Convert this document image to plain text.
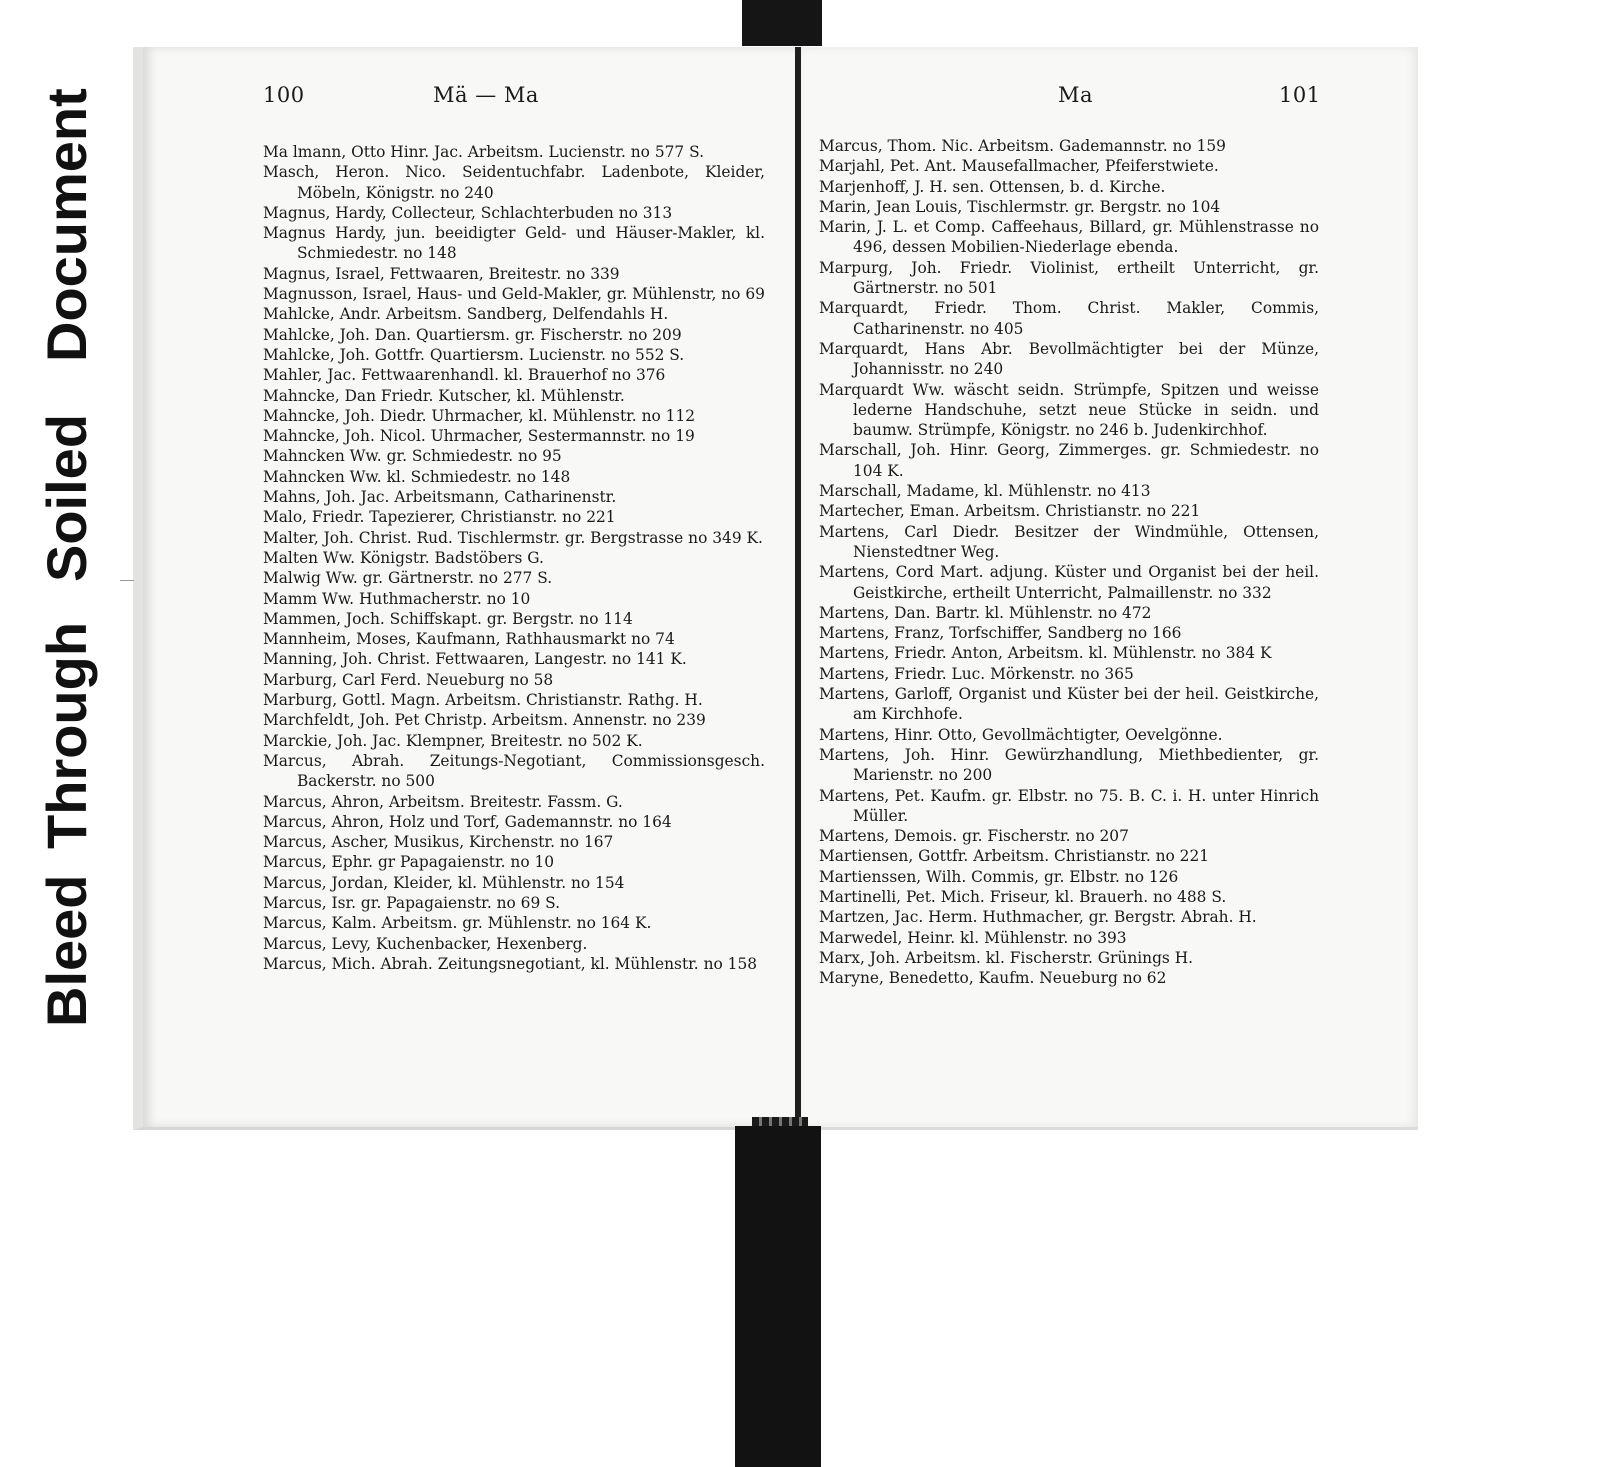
Bleed
Through
Soiled
Document	100	Mä — Ma

Ma lmann, Otto Hinr. Jac. Arbeitsm. Lucienstr. no 577 S.

Masch, Heron. Nico. Seidentuchfabr. Ladenbote, Kleider, Möbeln, Königstr. no 240

Magnus, Hardy, Collecteur, Schlachterbuden no 313

Magnus Hardy, jun. beeidigter Geld- und Häuser-Makler, kl. Schmiedestr. no 148

Magnus, Israel, Fettwaaren, Breitestr. no 339

Magnusson, Israel, Haus- und Geld-Makler, gr. Mühlenstr, no 69

Mahlcke, Andr. Arbeitsm. Sandberg, Delfendahls H.

Mahlcke, Joh. Dan. Quartiersm. gr. Fischerstr. no 209

Mahlcke, Joh. Gottfr. Quartiersm. Lucienstr. no 552 S.

Mahler, Jac. Fettwaarenhandl. kl. Brauerhof no 376

Mahncke, Dan Friedr. Kutscher, kl. Mühlenstr.

Mahncke, Joh. Diedr. Uhrmacher, kl. Mühlenstr. no 112

Mahncke, Joh. Nicol. Uhrmacher, Sestermannstr. no 19

Mahncken Ww. gr. Schmiedestr. no 95

Mahncken Ww. kl. Schmiedestr. no 148

Mahns, Joh. Jac. Arbeitsmann, Catharinenstr.

Malo, Friedr. Tapezierer, Christianstr. no 221

Malter, Joh. Christ. Rud. Tischlermstr. gr. Bergstrasse no 349 K.

Malten Ww. Königstr. Badstöbers G.

Malwig Ww. gr. Gärtnerstr. no 277 S.

Mamm Ww. Huthmacherstr. no 10

Mammen, Joch. Schiffskapt. gr. Bergstr. no 114

Mannheim, Moses, Kaufmann, Rathhausmarkt no 74

Manning, Joh. Christ. Fettwaaren, Langestr. no 141 K.

Marburg, Carl Ferd. Neueburg no 58

Marburg, Gottl. Magn. Arbeitsm. Christianstr. Rathg. H.

Marchfeldt, Joh. Pet Christp. Arbeitsm. Annenstr. no 239

Marckie, Joh. Jac. Klempner, Breitestr. no 502 K.

Marcus, Abrah. Zeitungs-Negotiant, Commissionsgesch. Backerstr. no 500

Marcus, Ahron, Arbeitsm. Breitestr. Fassm. G.

Marcus, Ahron, Holz und Torf, Gademannstr. no 164

Marcus, Ascher, Musikus, Kirchenstr. no 167

Marcus, Ephr. gr Papagaienstr. no 10

Marcus, Jordan, Kleider, kl. Mühlenstr. no 154

Marcus, Isr. gr. Papagaienstr. no 69 S.

Marcus, Kalm. Arbeitsm. gr. Mühlenstr. no 164 K.

Marcus, Levy, Kuchenbacker, Hexenberg.

Marcus, Mich. Abrah. Zeitungsnegotiant, kl. Mühlenstr. no 158

Ma	101

Marcus, Thom. Nic. Arbeitsm. Gademannstr. no 159

Marjahl, Pet. Ant. Mausefallmacher, Pfeiferstwiete.

Marjenhoff, J. H. sen. Ottensen, b. d. Kirche.

Marin, Jean Louis, Tischlermstr. gr. Bergstr. no 104

Marin, J. L. et Comp. Caffeehaus, Billard, gr. Mühlenstrasse no 496, dessen Mobilien-Niederlage ebenda.

Marpurg, Joh. Friedr. Violinist, ertheilt Unterricht, gr. Gärtnerstr. no 501

Marquardt, Friedr. Thom. Christ. Makler, Commis, Catharinenstr. no 405

Marquardt, Hans Abr. Bevollmächtigter bei der Münze, Johannisstr. no 240

Marquardt Ww. wäscht seidn. Strümpfe, Spitzen und weisse lederne Handschuhe, setzt neue Stücke in seidn. und baumw. Strümpfe, Königstr. no 246 b. Judenkirchhof.

Marschall, Joh. Hinr. Georg, Zimmerges. gr. Schmiedestr. no 104 K.

Marschall, Madame, kl. Mühlenstr. no 413

Martecher, Eman. Arbeitsm. Christianstr. no 221

Martens, Carl Diedr. Besitzer der Windmühle, Ottensen, Nienstedtner Weg.

Martens, Cord Mart. adjung. Küster und Organist bei der heil. Geistkirche, ertheilt Unterricht, Palmaillenstr. no 332

Martens, Dan. Bartr. kl. Mühlenstr. no 472

Martens, Franz, Torfschiffer, Sandberg no 166

Martens, Friedr. Anton, Arbeitsm. kl. Mühlenstr. no 384 K

Martens, Friedr. Luc. Mörkenstr. no 365

Martens, Garloff, Organist und Küster bei der heil. Geistkirche, am Kirchhofe.

Martens, Hinr. Otto, Gevollmächtigter, Oevelgönne.

Martens, Joh. Hinr. Gewürzhandlung, Miethbedienter, gr. Marienstr. no 200

Martens, Pet. Kaufm. gr. Elbstr. no 75. B. C. i. H. unter Hinrich Müller.

Martens, Demois. gr. Fischerstr. no 207

Martiensen, Gottfr. Arbeitsm. Christianstr. no 221

Martienssen, Wilh. Commis, gr. Elbstr. no 126

Martinelli, Pet. Mich. Friseur, kl. Brauerh. no 488 S.

Martzen, Jac. Herm. Huthmacher, gr. Bergstr. Abrah. H.

Marwedel, Heinr. kl. Mühlenstr. no 393

Marx, Joh. Arbeitsm. kl. Fischerstr. Grünings H.

Maryne, Benedetto, Kaufm. Neueburg no 62
